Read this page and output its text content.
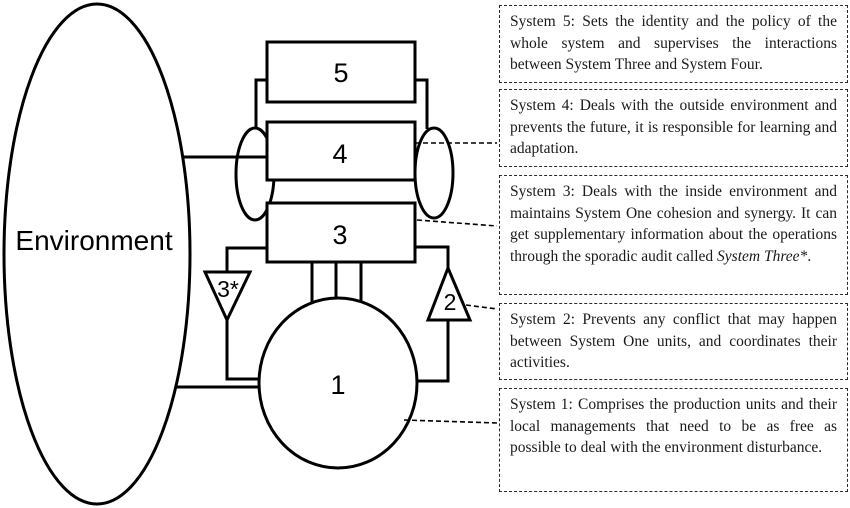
Environment
5
4
3
1
3*	2
System 5: Sets the identity and the policy of the whole system and supervises the interactions between System Three and System Four.
System 4: Deals with the outside environment and prevents the future, it is responsible for learning and adaptation.
System 3: Deals with the inside environment and maintains System One cohesion and synergy. It can get supplementary information about the operations through the sporadic audit called System Three*.
System 2: Prevents any conflict that may happen between System One units, and coordinates their activities.
System 1: Comprises the production units and their local managements that need to be as free as possible to deal with the environment disturbance.
